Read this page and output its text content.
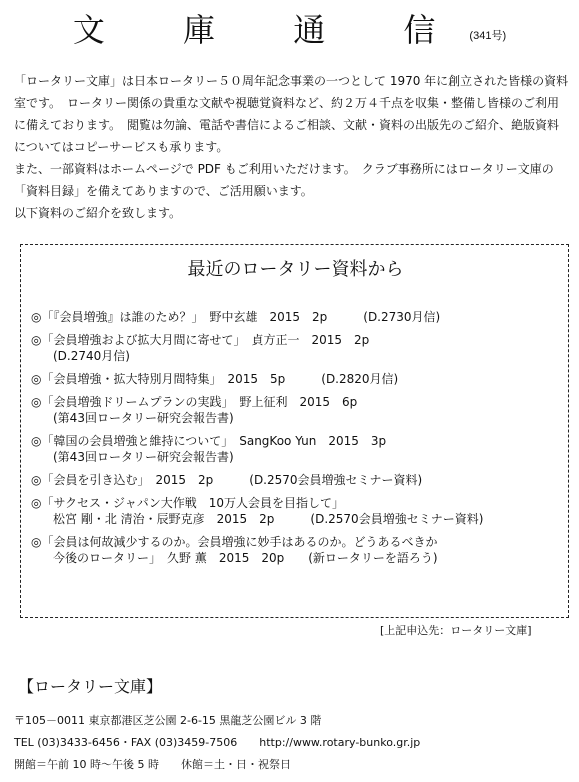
文 庫 通 信(341号)

「ロータリー文庫」は日本ロータリー５０周年記念事業の一つとして 1970 年に創立された皆様の資料室です。　ロータリー関係の貴重な文献や視聴覚資料など、約２万４千点を収集・整備し皆様のご利用に備えております。　閲覧は勿論、電話や書信によるご相談、文献・資料の出版先のご紹介、絶版資料についてはコピーサービスも承ります。

また、一部資料はホームページで PDF もご利用いただけます。　クラブ事務所にはロータリー文庫の「資料目録」を備えてありますので、ご活用願います。

以下資料のご紹介を致します。

最近のロータリー資料から
◎「『会員増強』は誰のため？」　野中玄雄　2015　2p　　　(D.2730月信)
◎「会員増強および拡大月間に寄せて」　貞方正一　2015　2p
(D.2740月信)
◎「会員増強・拡大特別月間特集」　2015　5p　　　(D.2820月信)
◎「会員増強ドリームプランの実践」　野上征利　2015　6p
(第43回ロータリー研究会報告書)
◎「韓国の会員増強と維持について」　SangKoo Yun　2015　3p
(第43回ロータリー研究会報告書)
◎「会員を引き込む」　2015　2p　　　(D.2570会員増強セミナー資料)
◎「サクセス・ジャパン大作戦　10万人会員を目指して」
松宮 剛・北 清治・辰野克彦　2015　2p　　　(D.2570会員増強セミナー資料)
◎「会員は何故減少するのか。会員増強に妙手はあるのか。どうあるべきか
今後のロータリー」　久野 薫　2015　20p　　(新ロータリーを語ろう)
[上記申込先：ロータリー文庫]
【ロータリー文庫】
〒105－0011 東京都港区芝公園 2-6-15 黒龍芝公園ビル 3 階
TEL (03)3433-6456・FAX (03)3459-7506　　http://www.rotary-bunko.gr.jp
開館＝午前 10 時～午後 5 時　　休館＝土・日・祝祭日
